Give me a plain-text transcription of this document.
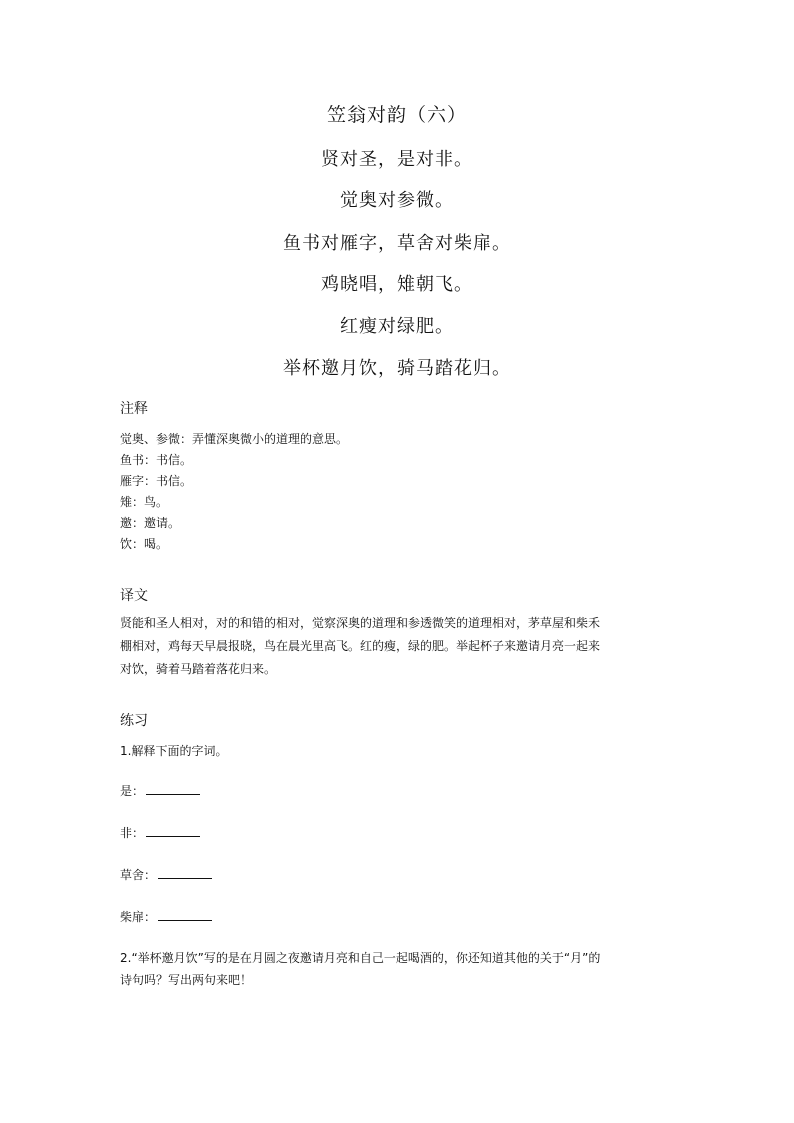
笠翁对韵（六）
贤对圣，是对非。
觉奥对参微。
鱼书对雁字，草舍对柴扉。
鸡晓唱，雉朝飞。
红瘦对绿肥。
举杯邀月饮，骑马踏花归。
注释
觉奥、参微：弄懂深奥微小的道理的意思。
鱼书：书信。
雁字：书信。
雉：鸟。
邀：邀请。
饮：喝。
译文
贤能和圣人相对，对的和错的相对，觉察深奥的道理和参透微笑的道理相对，茅草屋和柴禾
棚相对，鸡每天早晨报晓，鸟在晨光里高飞。红的瘦，绿的肥。举起杯子来邀请月亮一起来
对饮，骑着马踏着落花归来。
练习
1.解释下面的字词。
是：
非：
草舍：
柴扉：
2.“举杯邀月饮”写的是在月圆之夜邀请月亮和自己一起喝酒的，你还知道其他的关于“月”的
诗句吗？写出两句来吧！
